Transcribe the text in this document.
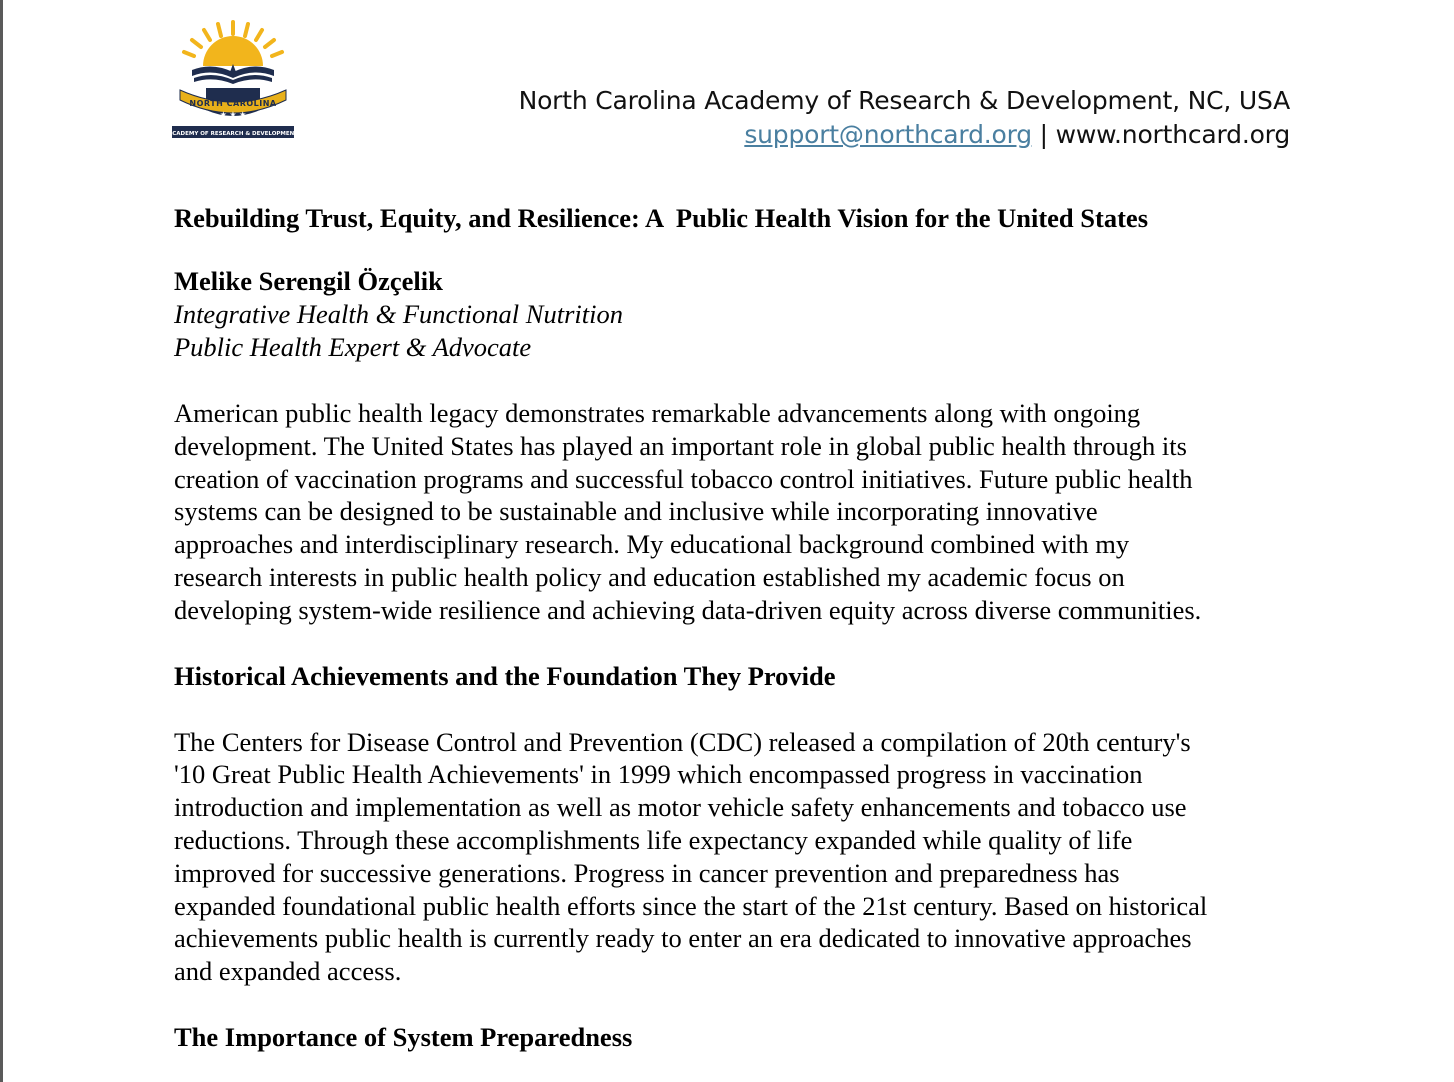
NORTH CAROLINA
★ ★ ★
ACADEMY OF RESEARCH & DEVELOPMENT
North Carolina Academy of Research & Development, NC, USA
support@northcard.org | www.northcard.org
Rebuilding Trust, Equity, and Resilience: A  Public Health Vision for the United States
Melike Serengil Özçelik
Integrative Health & Functional Nutrition
Public Health Expert & Advocate
American public health legacy demonstrates remarkable advancements along with ongoing
development. The United States has played an important role in global public health through its
creation of vaccination programs and successful tobacco control initiatives. Future public health
systems can be designed to be sustainable and inclusive while incorporating innovative
approaches and interdisciplinary research. My educational background combined with my
research interests in public health policy and education established my academic focus on
developing system-wide resilience and achieving data-driven equity across diverse communities.
Historical Achievements and the Foundation They Provide
The Centers for Disease Control and Prevention (CDC) released a compilation of 20th century's
'10 Great Public Health Achievements' in 1999 which encompassed progress in vaccination
introduction and implementation as well as motor vehicle safety enhancements and tobacco use
reductions. Through these accomplishments life expectancy expanded while quality of life
improved for successive generations. Progress in cancer prevention and preparedness has
expanded foundational public health efforts since the start of the 21st century. Based on historical
achievements public health is currently ready to enter an era dedicated to innovative approaches
and expanded access.
The Importance of System Preparedness
